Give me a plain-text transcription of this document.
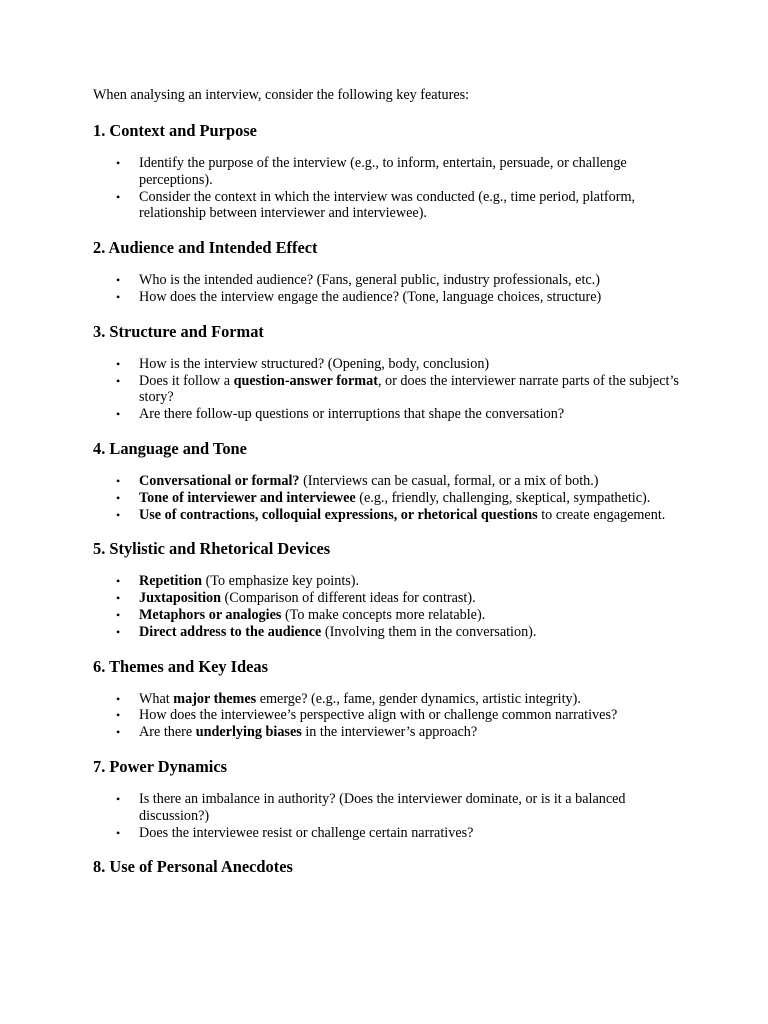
When analysing an interview, consider the following key features:

1. Context and Purpose
• Identify the purpose of the interview (e.g., to inform, entertain, persuade, or challenge perceptions).
• Consider the context in which the interview was conducted (e.g., time period, platform, relationship between interviewer and interviewee).
2. Audience and Intended Effect
• Who is the intended audience? (Fans, general public, industry professionals, etc.)
• How does the interview engage the audience? (Tone, language choices, structure)
3. Structure and Format
• How is the interview structured? (Opening, body, conclusion)
• Does it follow a question-answer format, or does the interviewer narrate parts of the subject’s story?
• Are there follow-up questions or interruptions that shape the conversation?
4. Language and Tone
• Conversational or formal? (Interviews can be casual, formal, or a mix of both.)
• Tone of interviewer and interviewee (e.g., friendly, challenging, skeptical, sympathetic).
• Use of contractions, colloquial expressions, or rhetorical questions to create engagement.
5. Stylistic and Rhetorical Devices
• Repetition (To emphasize key points).
• Juxtaposition (Comparison of different ideas for contrast).
• Metaphors or analogies (To make concepts more relatable).
• Direct address to the audience (Involving them in the conversation).
6. Themes and Key Ideas
• What major themes emerge? (e.g., fame, gender dynamics, artistic integrity).
• How does the interviewee’s perspective align with or challenge common narratives?
• Are there underlying biases in the interviewer’s approach?
7. Power Dynamics
• Is there an imbalance in authority? (Does the interviewer dominate, or is it a balanced discussion?)
• Does the interviewee resist or challenge certain narratives?
8. Use of Personal Anecdotes
